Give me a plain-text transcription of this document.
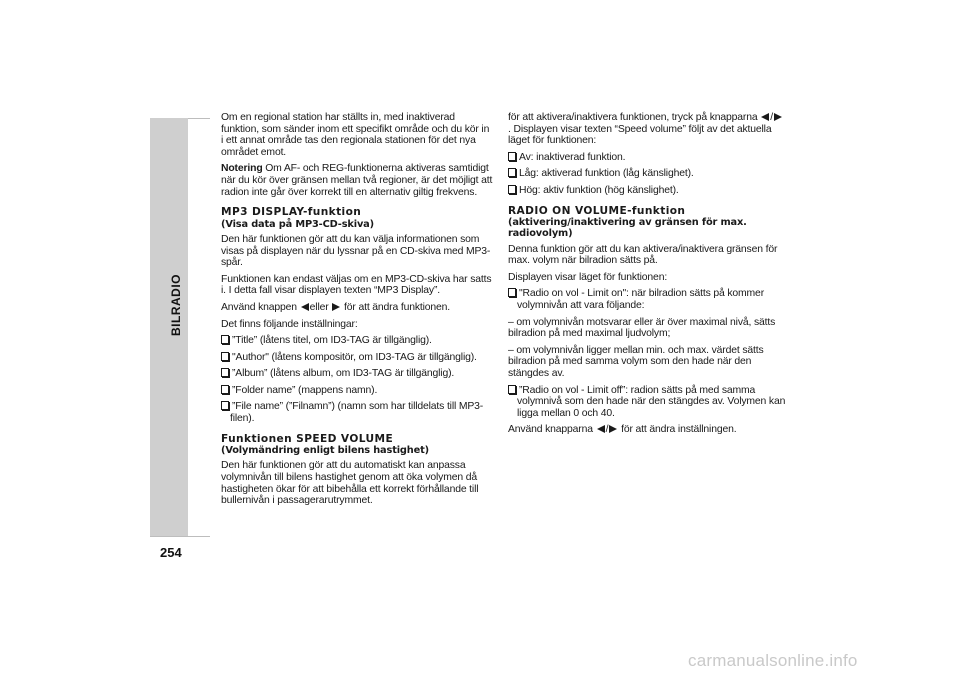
BILRADIO
254

Om en regional station har ställts in, med inaktiverad funktion, som sänder inom ett specifikt område och du kör in i ett annat område tas den regionala stationen för det nya området emot.

Notering Om AF- och REG-funktionerna aktiveras samtidigt när du kör över gränsen mellan två regioner, är det möjligt att radion inte går över korrekt till en alternativ giltig frekvens.

MP3 DISPLAY-funktion
(Visa data på MP3-CD-skiva)

Den här funktionen gör att du kan välja informationen som visas på displayen när du lyssnar på en CD-skiva med MP3-spår.

Funktionen kan endast väljas om en MP3-CD-skiva har satts i. I detta fall visar displayen texten “MP3 Display”.

Använd knappen eller för att ändra funktionen.

Det finns följande inställningar:

”Title” (låtens titel, om ID3-TAG är tillgänglig).
"Author" (låtens kompositör, om ID3-TAG är tillgänglig).
”Album” (låtens album, om ID3-TAG är tillgänglig).
”Folder name” (mappens namn).
”File name” (”Filnamn”) (namn som har tilldelats till MP3-filen).
Funktionen SPEED VOLUME
(Volymändring enligt bilens hastighet)

Den här funktionen gör att du automatiskt kan anpassa volymnivån till bilens hastighet genom att öka volymen då hastigheten ökar för att bibehålla ett korrekt förhållande till bullernivån i passagerarutrymmet.

för att aktivera/inaktivera funktionen, tryck på knapparna / . Displayen visar texten “Speed volume” följt av det aktuella läget för funktionen:

Av: inaktiverad funktion.
Låg: aktiverad funktion (låg känslighet).
Hög: aktiv funktion (hög känslighet).
RADIO ON VOLUME-funktion
(aktivering/inaktivering av gränsen för max. radiovolym)

Denna funktion gör att du kan aktivera/inaktivera gränsen för max. volym när bilradion sätts på.

Displayen visar läget för funktionen:

"Radio on vol - Limit on": när bilradion sätts på kommer volymnivån att vara följande:

– om volymnivån motsvarar eller är över maximal nivå, sätts bilradion på med maximal ljudvolym;

– om volymnivån ligger mellan min. och max. värdet sätts bilradion på med samma volym som den hade när den stängdes av.

”Radio on vol - Limit off”: radion sätts på med samma volymnivå som den hade när den stängdes av. Volymen kan ligga mellan 0 och 40.

Använd knapparna / för att ändra inställningen.

carmanualsonline.info
